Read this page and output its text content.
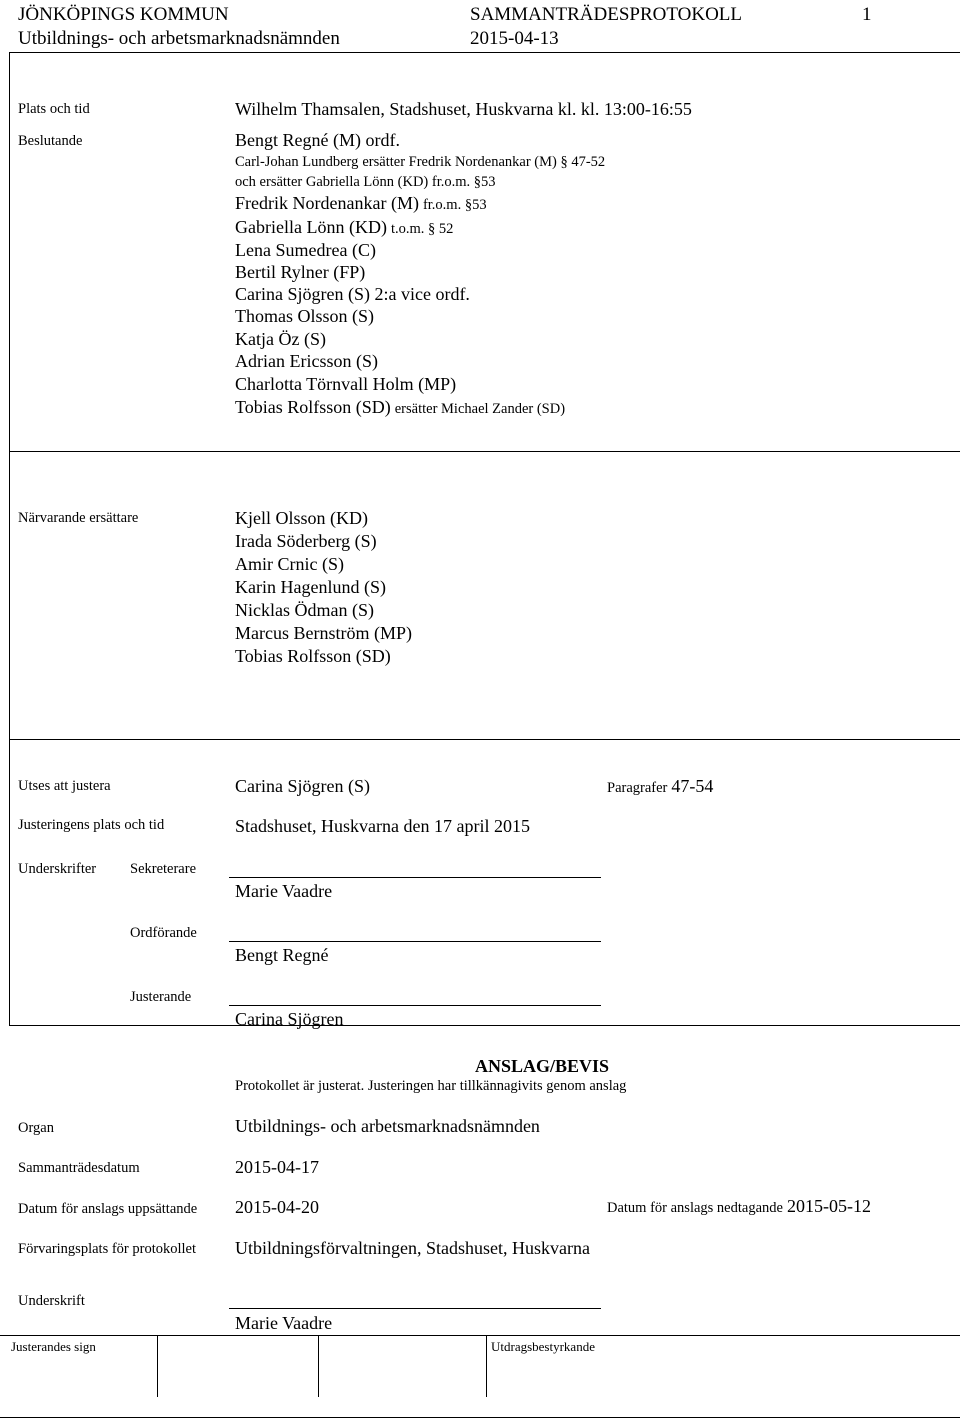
JÖNKÖPINGS KOMMUN
Utbildnings- och arbetsmarknadsnämnden
SAMMANTRÄDESPROTOKOLL
2015-04-13
1
Plats och tid	Wilhelm Thamsalen, Stadshuset, Huskvarna kl. kl. 13:00-16:55
Beslutande	Bengt Regné (M) ordf.
Carl-Johan Lundberg ersätter Fredrik Nordenankar (M) § 47-52
och ersätter Gabriella Lönn (KD) fr.o.m. §53
Fredrik Nordenankar (M) fr.o.m. §53
Gabriella Lönn (KD) t.o.m. § 52
Lena Sumedrea (C)
Bertil Rylner (FP)
Carina Sjögren (S) 2:a vice ordf.
Thomas Olsson (S)
Katja Öz (S)
Adrian Ericsson (S)
Charlotta Törnvall Holm (MP)
Tobias Rolfsson (SD) ersätter Michael Zander (SD)
Närvarande ersättare	Kjell Olsson (KD)
Irada Söderberg (S)
Amir Crnic (S)
Karin Hagenlund (S)
Nicklas Ödman (S)
Marcus Bernström (MP)
Tobias Rolfsson (SD)
Utses att justera	Carina Sjögren (S)	Paragrafer 47-54
Justeringens plats och tid	Stadshuset, Huskvarna den 17 april 2015
Underskrifter Sekreterare
Marie Vaadre
Ordförande
Bengt Regné
Justerande
Carina Sjögren
ANSLAG/BEVIS
Protokollet är justerat. Justeringen har tillkännagivits genom anslag
Organ	Utbildnings- och arbetsmarknadsnämnden
Sammanträdesdatum	2015-04-17
Datum för anslags uppsättande 2015-04-20	Datum för anslags nedtagande 2015-05-12
Förvaringsplats för protokollet Utbildningsförvaltningen, Stadshuset, Huskvarna
Underskrift
Marie Vaadre
Justerandes sign	Utdragsbestyrkande
